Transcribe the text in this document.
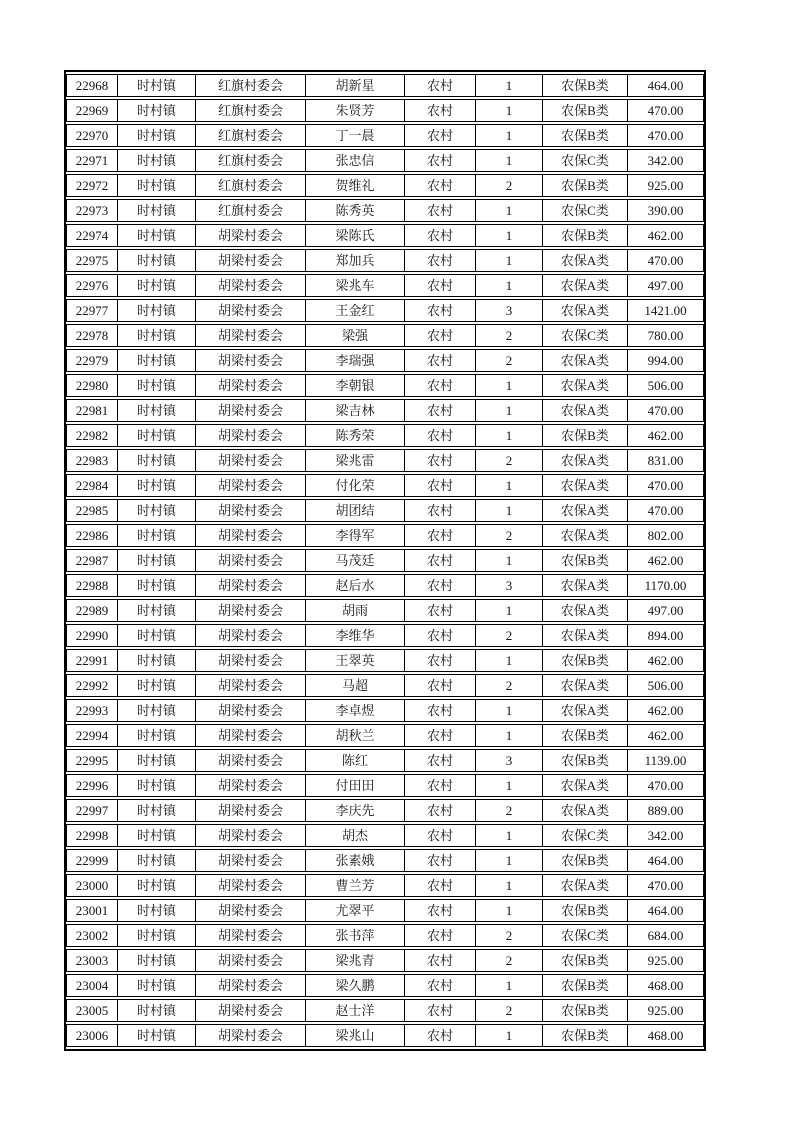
22968	时村镇	红旗村委会	胡新星	农村	1	农保B类	464.00
22969	时村镇	红旗村委会	朱贤芳	农村	1	农保B类	470.00
22970	时村镇	红旗村委会	丁一晨	农村	1	农保B类	470.00
22971	时村镇	红旗村委会	张忠信	农村	1	农保C类	342.00
22972	时村镇	红旗村委会	贺维礼	农村	2	农保B类	925.00
22973	时村镇	红旗村委会	陈秀英	农村	1	农保C类	390.00
22974	时村镇	胡梁村委会	梁陈氏	农村	1	农保B类	462.00
22975	时村镇	胡梁村委会	郑加兵	农村	1	农保A类	470.00
22976	时村镇	胡梁村委会	梁兆车	农村	1	农保A类	497.00
22977	时村镇	胡梁村委会	王金红	农村	3	农保A类	1421.00
22978	时村镇	胡梁村委会	梁强	农村	2	农保C类	780.00
22979	时村镇	胡梁村委会	李瑞强	农村	2	农保A类	994.00
22980	时村镇	胡梁村委会	李朝银	农村	1	农保A类	506.00
22981	时村镇	胡梁村委会	梁吉林	农村	1	农保A类	470.00
22982	时村镇	胡梁村委会	陈秀荣	农村	1	农保B类	462.00
22983	时村镇	胡梁村委会	梁兆雷	农村	2	农保A类	831.00
22984	时村镇	胡梁村委会	付化荣	农村	1	农保A类	470.00
22985	时村镇	胡梁村委会	胡团结	农村	1	农保A类	470.00
22986	时村镇	胡梁村委会	李得军	农村	2	农保A类	802.00
22987	时村镇	胡梁村委会	马茂廷	农村	1	农保B类	462.00
22988	时村镇	胡梁村委会	赵后水	农村	3	农保A类	1170.00
22989	时村镇	胡梁村委会	胡雨	农村	1	农保A类	497.00
22990	时村镇	胡梁村委会	李维华	农村	2	农保A类	894.00
22991	时村镇	胡梁村委会	王翠英	农村	1	农保B类	462.00
22992	时村镇	胡梁村委会	马超	农村	2	农保A类	506.00
22993	时村镇	胡梁村委会	李卓煜	农村	1	农保A类	462.00
22994	时村镇	胡梁村委会	胡秋兰	农村	1	农保B类	462.00
22995	时村镇	胡梁村委会	陈红	农村	3	农保B类	1139.00
22996	时村镇	胡梁村委会	付田田	农村	1	农保A类	470.00
22997	时村镇	胡梁村委会	李庆先	农村	2	农保A类	889.00
22998	时村镇	胡梁村委会	胡杰	农村	1	农保C类	342.00
22999	时村镇	胡梁村委会	张素娥	农村	1	农保B类	464.00
23000	时村镇	胡梁村委会	曹兰芳	农村	1	农保A类	470.00
23001	时村镇	胡梁村委会	尤翠平	农村	1	农保B类	464.00
23002	时村镇	胡梁村委会	张书萍	农村	2	农保C类	684.00
23003	时村镇	胡梁村委会	梁兆青	农村	2	农保B类	925.00
23004	时村镇	胡梁村委会	梁久鹏	农村	1	农保B类	468.00
23005	时村镇	胡梁村委会	赵士洋	农村	2	农保B类	925.00
23006	时村镇	胡梁村委会	梁兆山	农村	1	农保B类	468.00
